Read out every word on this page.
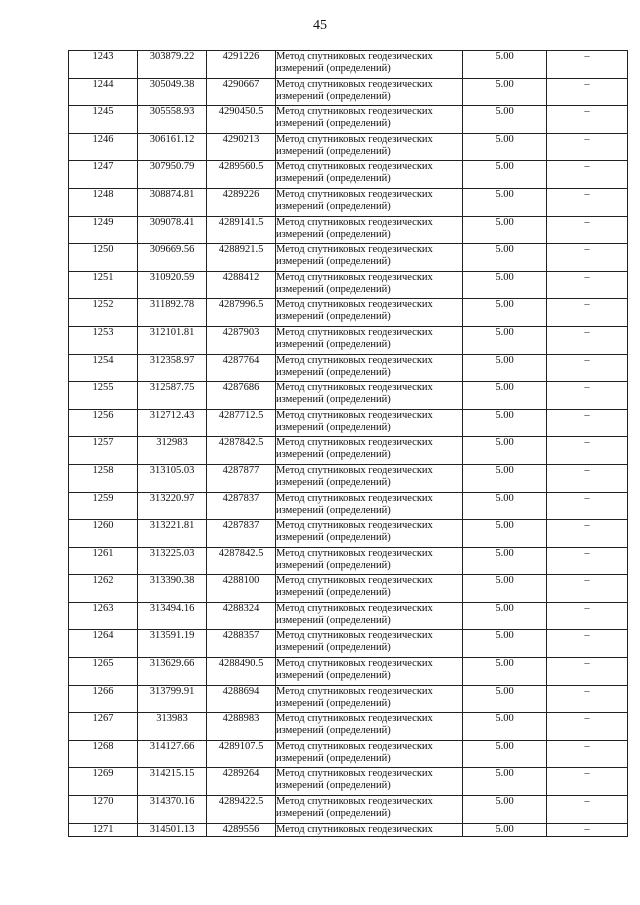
45
1243	303879.22	4291226	Метод спутниковых геодезических измерений (определений)	5.00	–
1244	305049.38	4290667	Метод спутниковых геодезических измерений (определений)	5.00	–
1245	305558.93	4290450.5	Метод спутниковых геодезических измерений (определений)	5.00	–
1246	306161.12	4290213	Метод спутниковых геодезических измерений (определений)	5.00	–
1247	307950.79	4289560.5	Метод спутниковых геодезических измерений (определений)	5.00	–
1248	308874.81	4289226	Метод спутниковых геодезических измерений (определений)	5.00	–
1249	309078.41	4289141.5	Метод спутниковых геодезических измерений (определений)	5.00	–
1250	309669.56	4288921.5	Метод спутниковых геодезических измерений (определений)	5.00	–
1251	310920.59	4288412	Метод спутниковых геодезических измерений (определений)	5.00	–
1252	311892.78	4287996.5	Метод спутниковых геодезических измерений (определений)	5.00	–
1253	312101.81	4287903	Метод спутниковых геодезических измерений (определений)	5.00	–
1254	312358.97	4287764	Метод спутниковых геодезических измерений (определений)	5.00	–
1255	312587.75	4287686	Метод спутниковых геодезических измерений (определений)	5.00	–
1256	312712.43	4287712.5	Метод спутниковых геодезических измерений (определений)	5.00	–
1257	312983	4287842.5	Метод спутниковых геодезических измерений (определений)	5.00	–
1258	313105.03	4287877	Метод спутниковых геодезических измерений (определений)	5.00	–
1259	313220.97	4287837	Метод спутниковых геодезических измерений (определений)	5.00	–
1260	313221.81	4287837	Метод спутниковых геодезических измерений (определений)	5.00	–
1261	313225.03	4287842.5	Метод спутниковых геодезических измерений (определений)	5.00	–
1262	313390.38	4288100	Метод спутниковых геодезических измерений (определений)	5.00	–
1263	313494.16	4288324	Метод спутниковых геодезических измерений (определений)	5.00	–
1264	313591.19	4288357	Метод спутниковых геодезических измерений (определений)	5.00	–
1265	313629.66	4288490.5	Метод спутниковых геодезических измерений (определений)	5.00	–
1266	313799.91	4288694	Метод спутниковых геодезических измерений (определений)	5.00	–
1267	313983	4288983	Метод спутниковых геодезических измерений (определений)	5.00	–
1268	314127.66	4289107.5	Метод спутниковых геодезических измерений (определений)	5.00	–
1269	314215.15	4289264	Метод спутниковых геодезических измерений (определений)	5.00	–
1270	314370.16	4289422.5	Метод спутниковых геодезических измерений (определений)	5.00	–
1271	314501.13	4289556	Метод спутниковых геодезических	5.00	–
